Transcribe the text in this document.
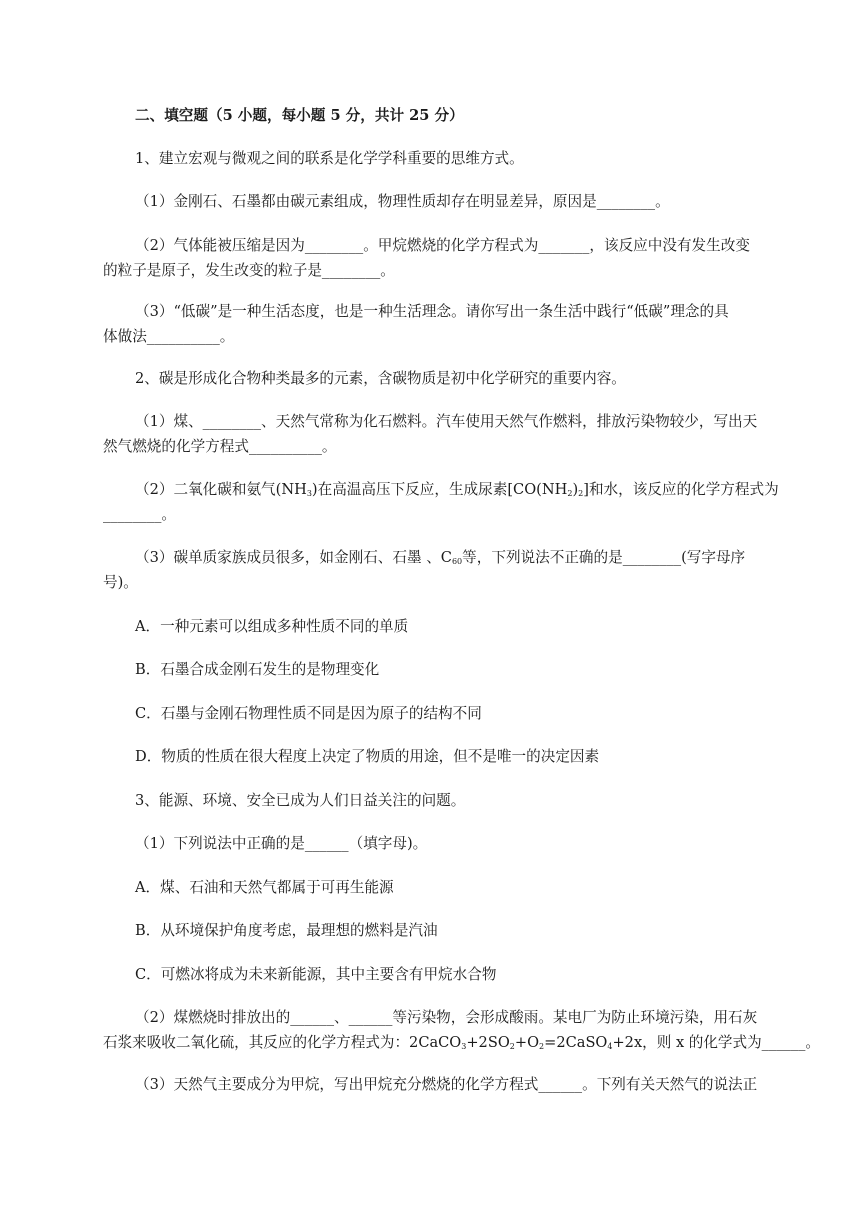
二、填空题（5 小题，每小题 5 分，共计 25 分）
1、建立宏观与微观之间的联系是化学学科重要的思维方式。
（1）金刚石、石墨都由碳元素组成，物理性质却存在明显差异，原因是________。
（2）气体能被压缩是因为________。甲烷燃烧的化学方程式为_______，该反应中没有发生改变
的粒子是原子，发生改变的粒子是________。
（3）“低碳”是一种生活态度，也是一种生活理念。请你写出一条生活中践行“低碳”理念的具
体做法__________。
2、碳是形成化合物种类最多的元素，含碳物质是初中化学研究的重要内容。
（1）煤、________、天然气常称为化石燃料。汽车使用天然气作燃料，排放污染物较少，写出天
然气燃烧的化学方程式__________。
（2）二氧化碳和氨气$(NH_3)$在高温高压下反应，生成尿素$[CO(NH_2)_2]$和水，该反应的化学方程式为
________。
（3）碳单质家族成员很多，如金刚石、石墨 、$C_{60}$等，下列说法不正确的是________(写字母序
号)。
A．一种元素可以组成多种性质不同的单质
B．石墨合成金刚石发生的是物理变化
C．石墨与金刚石物理性质不同是因为原子的结构不同
D．物质的性质在很大程度上决定了物质的用途，但不是唯一的决定因素
3、能源、环境、安全已成为人们日益关注的问题。
（1）下列说法中正确的是______（填字母)。
A．煤、石油和天然气都属于可再生能源
B．从环境保护角度考虑，最理想的燃料是汽油
C．可燃冰将成为未来新能源，其中主要含有甲烷水合物
（2）煤燃烧时排放出的______、______等污染物，会形成酸雨。某电厂为防止环境污染，用石灰
石浆来吸收二氧化硫，其反应的化学方程式为：$2CaCO_3+2SO_2+O_2=2CaSO_4+2x$，则 x 的化学式为______。
（3）天然气主要成分为甲烷，写出甲烷充分燃烧的化学方程式______。下列有关天然气的说法正
